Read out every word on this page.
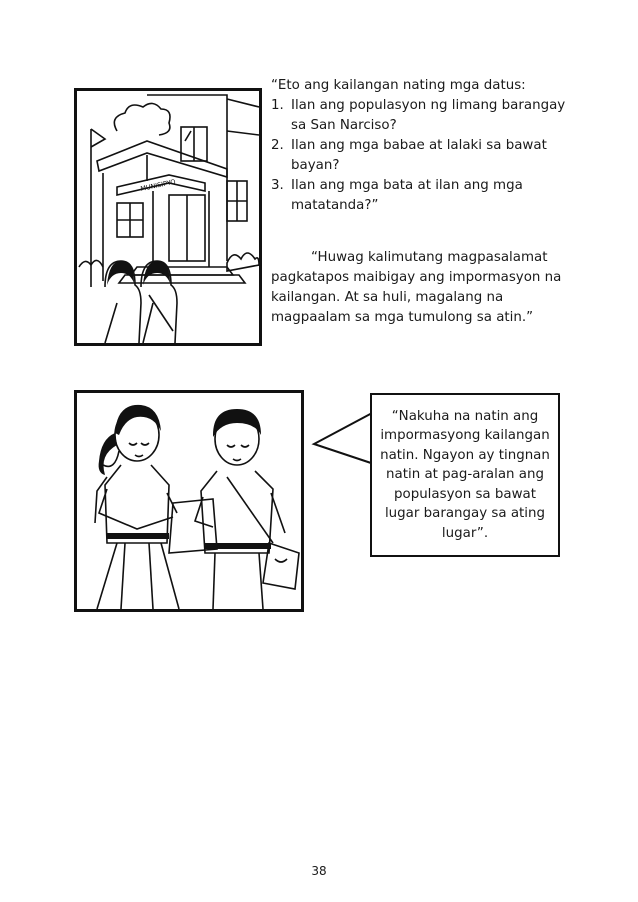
MUNISIPYO
“Eto ang kailangan nating mga datus:
1. Ilan ang populasyon ng limang barangay sa San Narciso?
2. Ilan ang mga babae at lalaki sa bawat bayan?
3. Ilan ang mga bata at ilan ang mga matatanda?”

“Huwag kalimutang magpasalamat pagkatapos maibigay ang impormasyon na kailangan. At sa huli, magalang na magpaalam sa mga tumulong sa atin.”

“Nakuha na natin ang impormasyong kailangan natin. Ngayon ay tingnan natin at pag-aralan ang populasyon sa bawat lugar barangay sa ating lugar”.
38
